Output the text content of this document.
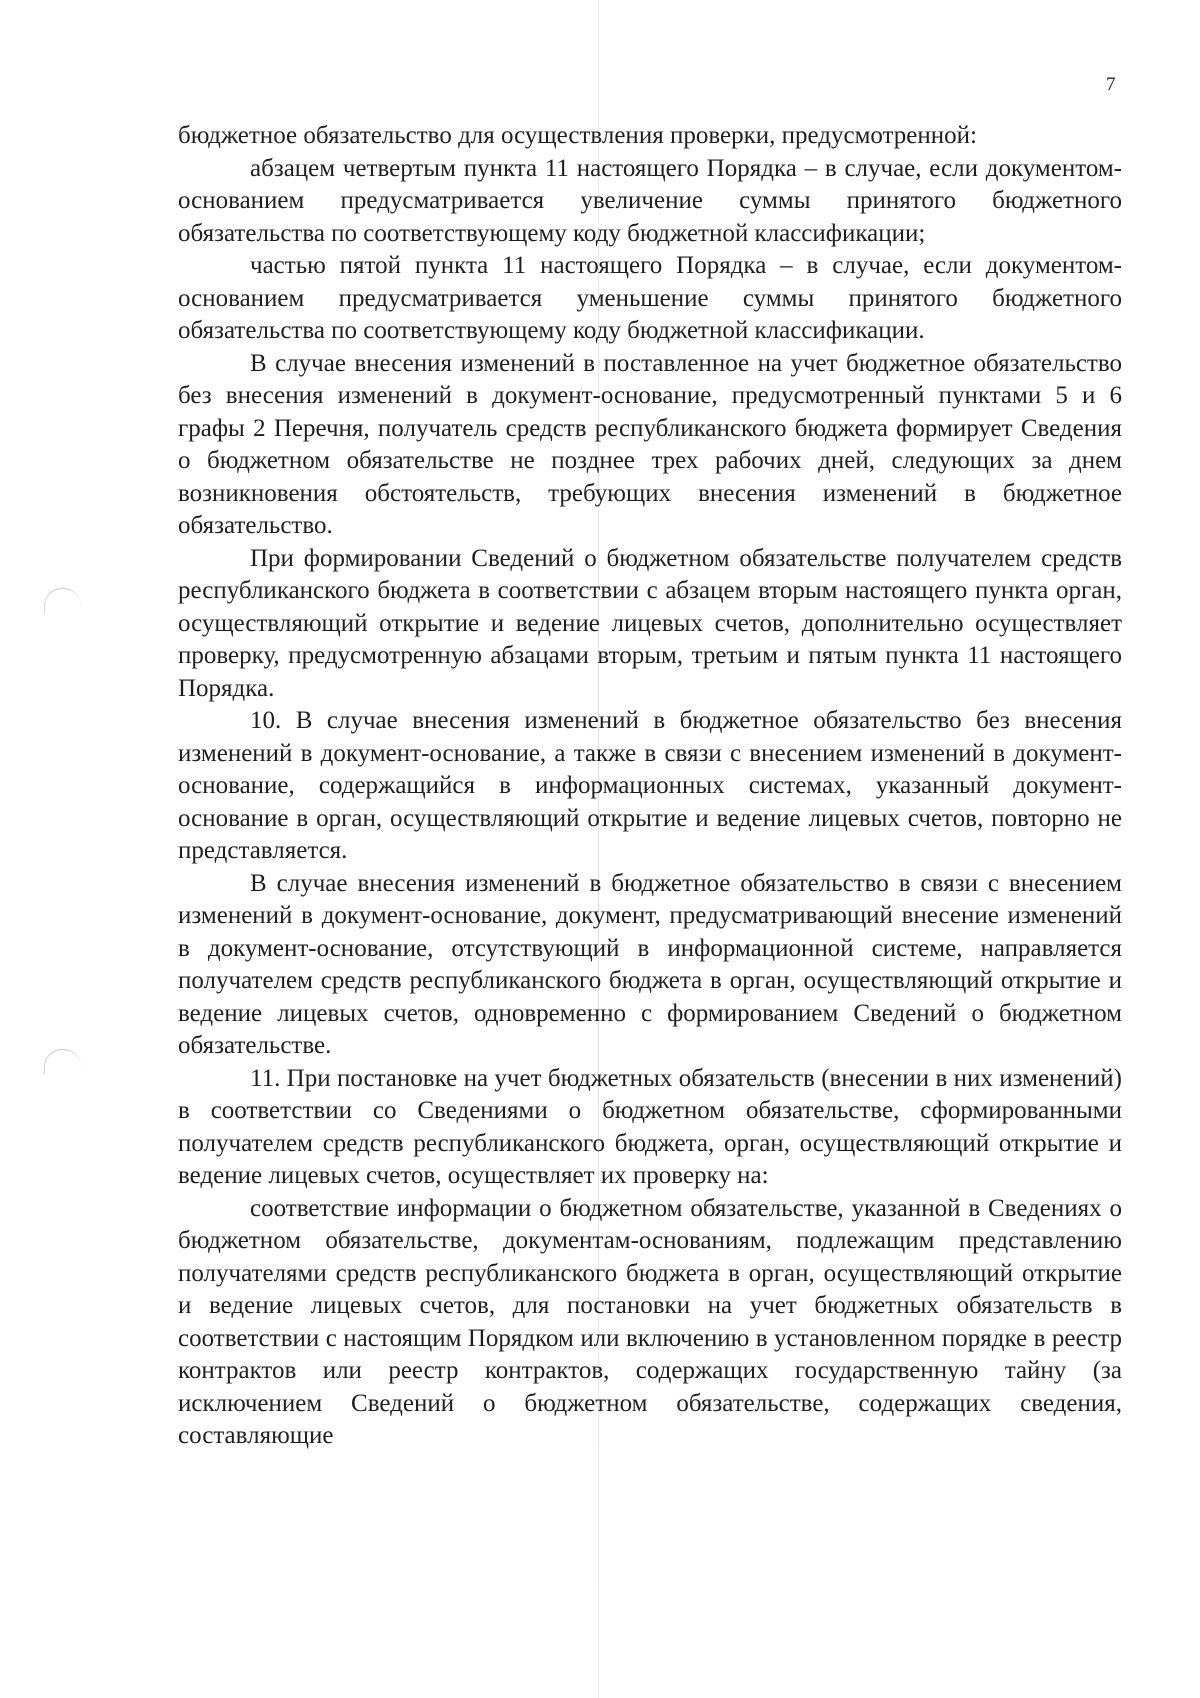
7

бюджетное обязательство для осуществления проверки, предусмотренной:

абзацем четвертым пункта 11 настоящего Порядка – в случае, если документом-основанием предусматривается увеличение суммы принятого бюджетного обязательства по соответствующему коду бюджетной классификации;

частью пятой пункта 11 настоящего Порядка – в случае, если документом-основанием предусматривается уменьшение суммы принятого бюджетного обязательства по соответствующему коду бюджетной классификации.

В случае внесения изменений в поставленное на учет бюджетное обязательство без внесения изменений в документ-основание, предусмотренный пунктами 5 и 6 графы 2 Перечня, получатель средств республиканского бюджета формирует Сведения о бюджетном обязательстве не позднее трех рабочих дней, следующих за днем возникновения обстоятельств, требующих внесения изменений в бюджетное обязательство.

При формировании Сведений о бюджетном обязательстве получателем средств республиканского бюджета в соответствии с абзацем вторым настоящего пункта орган, осуществляющий открытие и ведение лицевых счетов, дополнительно осуществляет проверку, предусмотренную абзацами вторым, третьим и пятым пункта 11 настоящего Порядка.

10. В случае внесения изменений в бюджетное обязательство без внесения изменений в документ-основание, а также в связи с внесением изменений в документ-основание, содержащийся в информационных системах, указанный документ-основание в орган, осуществляющий открытие и ведение лицевых счетов, повторно не представляется.

В случае внесения изменений в бюджетное обязательство в связи с внесением изменений в документ-основание, документ, предусматривающий внесение изменений в документ-основание, отсутствующий в информационной системе, направляется получателем средств республиканского бюджета в орган, осуществляющий открытие и ведение лицевых счетов, одновременно с формированием Сведений о бюджетном обязательстве.

11. При постановке на учет бюджетных обязательств (внесении в них изменений) в соответствии со Сведениями о бюджетном обязательстве, сформированными получателем средств республиканского бюджета, орган, осуществляющий открытие и ведение лицевых счетов, осуществляет их проверку на:

соответствие информации о бюджетном обязательстве, указанной в Сведениях о бюджетном обязательстве, документам-основаниям, подлежащим представлению получателями средств республиканского бюджета в орган, осуществляющий открытие и ведение лицевых счетов, для постановки на учет бюджетных обязательств в соответствии с настоящим Порядком или включению в установленном порядке в реестр контрактов или реестр контрактов, содержащих государственную тайну (за исключением Сведений о бюджетном обязательстве, содержащих сведения, составляющие
